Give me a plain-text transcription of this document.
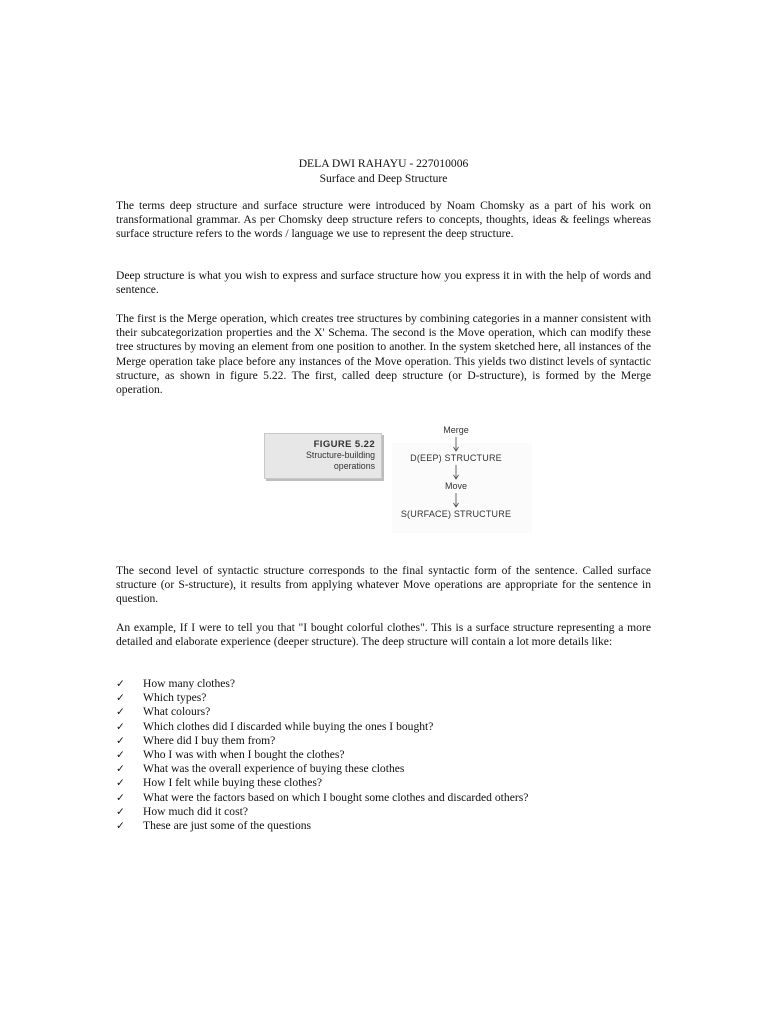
DELA DWI RAHAYU - 227010006
Surface and Deep Structure

The terms deep structure and surface structure were introduced by Noam Chomsky as a part of his work on transformational grammar. As per Chomsky deep structure refers to concepts, thoughts, ideas & feelings whereas surface structure refers to the words / language we use to represent the deep structure.

Deep structure is what you wish to express and surface structure how you express it in with the help of words and sentence.

The first is the Merge operation, which creates tree structures by combining categories in a manner consistent with their subcategorization properties and the X' Schema. The second is the Move operation, which can modify these tree structures by moving an element from one position to another. In the system sketched here, all instances of the Merge operation take place before any instances of the Move operation. This yields two distinct levels of syntactic structure, as shown in figure 5.22. The first, called deep structure (or D-structure), is formed by the Merge operation.

FIGURE 5.22
Structure-building
operations
Merge
D(EEP) STRUCTURE
Move
S(URFACE) STRUCTURE

The second level of syntactic structure corresponds to the final syntactic form of the sentence. Called surface structure (or S-structure), it results from applying whatever Move operations are appropriate for the sentence in question.

An example, If I were to tell you that "I bought colorful clothes". This is a surface structure representing a more detailed and elaborate experience (deeper structure). The deep structure will contain a lot more details like:

✓ How many clothes?
✓ Which types?
✓ What colours?
✓ Which clothes did I discarded while buying the ones I bought?
✓ Where did I buy them from?
✓ Who I was with when I bought the clothes?
✓ What was the overall experience of buying these clothes
✓ How I felt while buying these clothes?
✓ What were the factors based on which I bought some clothes and discarded others?
✓ How much did it cost?
✓ These are just some of the questions
